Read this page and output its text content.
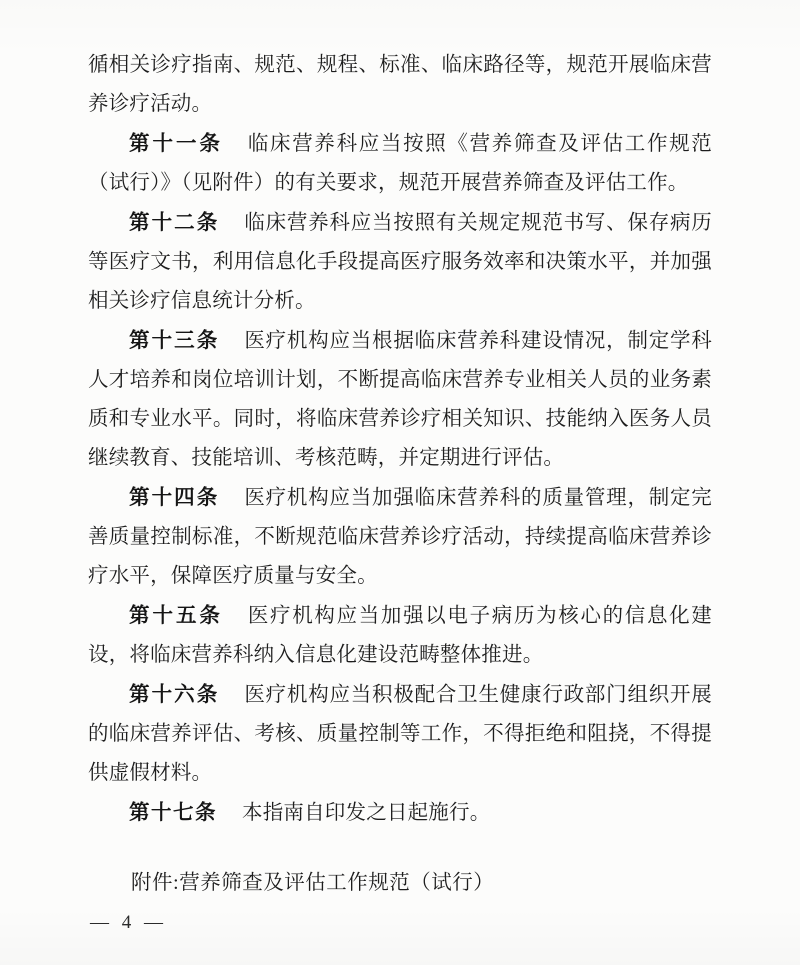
循相关诊疗指南、规范、规程、标准、临床路径等，规范开展临床营养诊疗活动。

第十一条 临床营养科应当按照《营养筛查及评估工作规范（试行）》（见附件）的有关要求，规范开展营养筛查及评估工作。

第十二条 临床营养科应当按照有关规定规范书写、保存病历等医疗文书，利用信息化手段提高医疗服务效率和决策水平，并加强相关诊疗信息统计分析。

第十三条 医疗机构应当根据临床营养科建设情况，制定学科人才培养和岗位培训计划，不断提高临床营养专业相关人员的业务素质和专业水平。同时，将临床营养诊疗相关知识、技能纳入医务人员继续教育、技能培训、考核范畴，并定期进行评估。

第十四条 医疗机构应当加强临床营养科的质量管理，制定完善质量控制标准，不断规范临床营养诊疗活动，持续提高临床营养诊疗水平，保障医疗质量与安全。

第十五条 医疗机构应当加强以电子病历为核心的信息化建设，将临床营养科纳入信息化建设范畴整体推进。

第十六条 医疗机构应当积极配合卫生健康行政部门组织开展的临床营养评估、考核、质量控制等工作，不得拒绝和阻挠，不得提供虚假材料。

第十七条 本指南自印发之日起施行。

附件:营养筛查及评估工作规范（试行）
— 4 —
